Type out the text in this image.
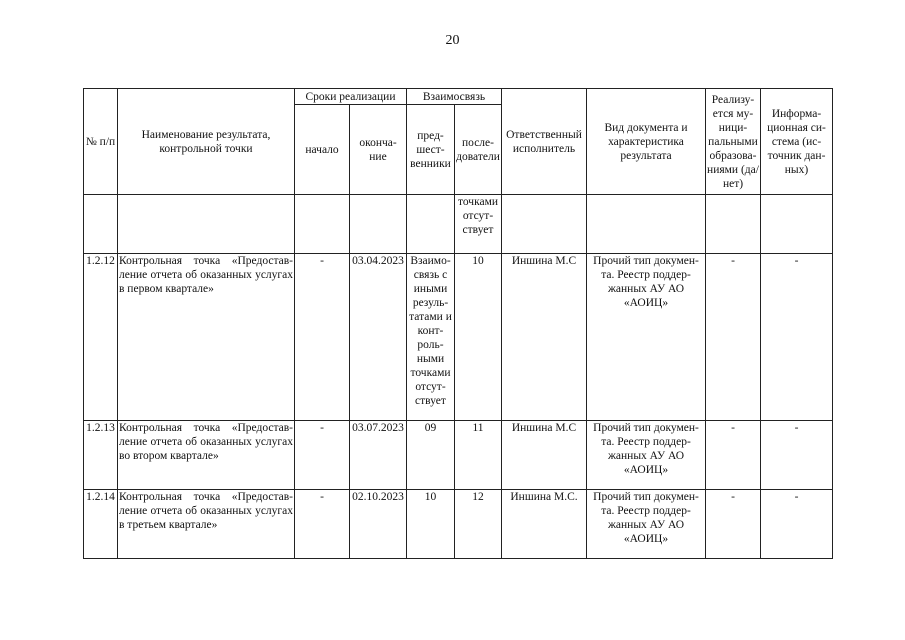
20
№ п/п	Наименование результата, контрольной точки	Сроки реализации		Взаимосвязь		Ответственный исполнитель	Вид документа и характеристика результата	Реализу-ется му-ници-пальными образова-ниями (да/нет)	Информа-ционная си-стема (ис-точник дан-ных)
		начало	оконча-ние	пред-шест-венники	после-дователи				
					точками отсут-ствует				
1.2.12	Контрольная точка «Предостав-ление отчета об оказанных услугах в первом квартале»	-	03.04.2023	Взаимо-связь с иными резуль-татами и конт-роль-ными точками отсут-ствует	10	Иншина М.С	Прочий тип докумен-та. Реестр поддер-жанных АУ АО «АОИЦ»	-	-
1.2.13	Контрольная точка «Предостав-ление отчета об оказанных услугах во втором квартале»	-	03.07.2023	09	11	Иншина М.С	Прочий тип докумен-та. Реестр поддер-жанных АУ АО «АОИЦ»	-	-
1.2.14	Контрольная точка «Предостав-ление отчета об оказанных услугах в третьем квартале»	-	02.10.2023	10	12	Иншина М.С.	Прочий тип докумен-та. Реестр поддер-жанных АУ АО «АОИЦ»	-	-
